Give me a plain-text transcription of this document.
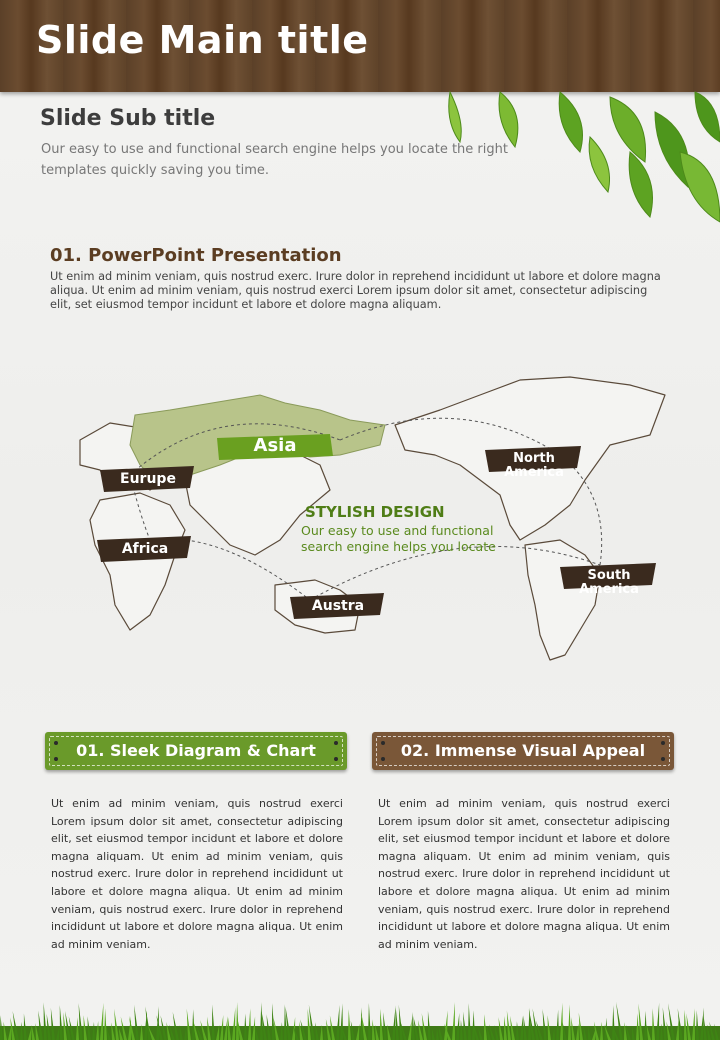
Slide Main title
Slide Sub title

Our easy to use and functional search engine helps you locate the right templates quickly saving you time.

01. PowerPoint Presentation

Ut enim ad minim veniam, quis nostrud exerc. Irure dolor in reprehend incididunt ut labore et dolore magna aliqua. Ut enim ad minim veniam, quis nostrud exerci Lorem ipsum dolor sit amet, consectetur adipiscing elit, set eiusmod tempor incidunt et labore et dolore magna aliquam.

Asia
Eurupe
Africa
Austra
North America
South America
STYLISH DESIGN

Our easy to use and functional search engine helps you locate

01. Sleek Diagram & Chart	02. Immense Visual Appeal

Ut enim ad minim veniam, quis nostrud exerci Lorem ipsum dolor sit amet, consectetur adipiscing elit, set eiusmod tempor incidunt et labore et dolore magna aliquam. Ut enim ad minim veniam, quis nostrud exerc. Irure dolor in reprehend incididunt ut labore et dolore magna aliqua. Ut enim ad minim veniam, quis nostrud exerc. Irure dolor in reprehend incididunt ut labore et dolore magna aliqua. Ut enim ad minim veniam.

Ut enim ad minim veniam, quis nostrud exerci Lorem ipsum dolor sit amet, consectetur adipiscing elit, set eiusmod tempor incidunt et labore et dolore magna aliquam. Ut enim ad minim veniam, quis nostrud exerc. Irure dolor in reprehend incididunt ut labore et dolore magna aliqua. Ut enim ad minim veniam, quis nostrud exerc. Irure dolor in reprehend incididunt ut labore et dolore magna aliqua. Ut enim ad minim veniam.
